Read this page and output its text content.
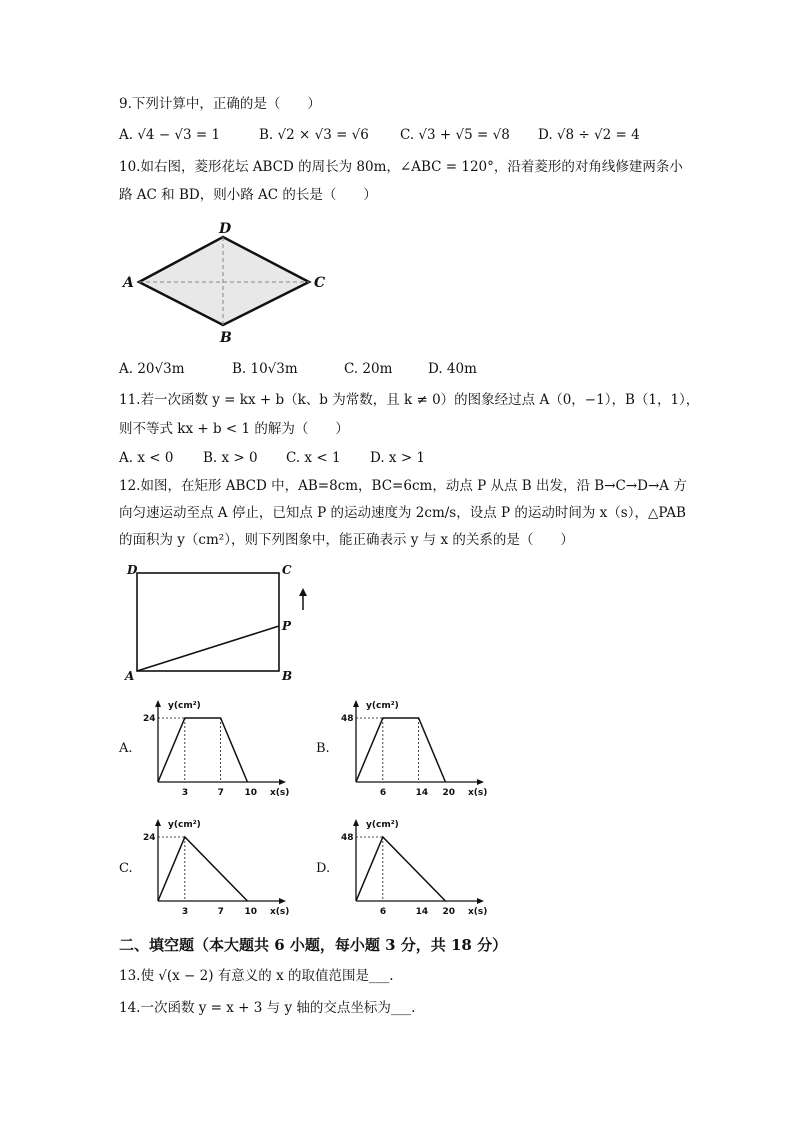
9.下列计算中，正确的是（　　）
A. √4 − √3 = 1	B. √2 × √3 = √6 C. √3 + √5 = √8 D. √8 ÷ √2 = 4
10.如右图，菱形花坛 ABCD 的周长为 80m，∠ABC = 120°，沿着菱形的对角线修建两条小
路 AC 和 BD，则小路 AC 的长是（　　）
D
A	C
B
A. 20√3m	B. 10√3m	C. 20m	D. 40m
11.若一次函数 y = kx + b（k、b 为常数，且 k ≠ 0）的图象经过点 A（0，−1），B（1，1），
则不等式 kx + b < 1 的解为（　　）
A. x < 0 B. x > 0 C. x < 1 D. x > 1
12.如图，在矩形 ABCD 中，AB=8cm，BC=6cm，动点 P 从点 B 出发，沿 B→C→D→A 方
向匀速运动至点 A 停止，已知点 P 的运动速度为 2cm/s，设点 P 的运动时间为 x（s），△PAB
的面积为 y（cm²），则下列图象中，能正确表示 y 与 x 的关系的是（　　）
D	C
P
A	B
A.	B.
C.	D.
y(cm²)
x(s)
24
3	7 10
y(cm²)
x(s)
48
6	14 20
y(cm²)
x(s)
24
3	7 10
y(cm²)
x(s)
48
6	14 20
二、填空题（本大题共 6 小题，每小题 3 分，共 18 分）
13.使 √(x − 2) 有意义的 x 的取值范围是___.
14.一次函数 y = x + 3 与 y 轴的交点坐标为___.
